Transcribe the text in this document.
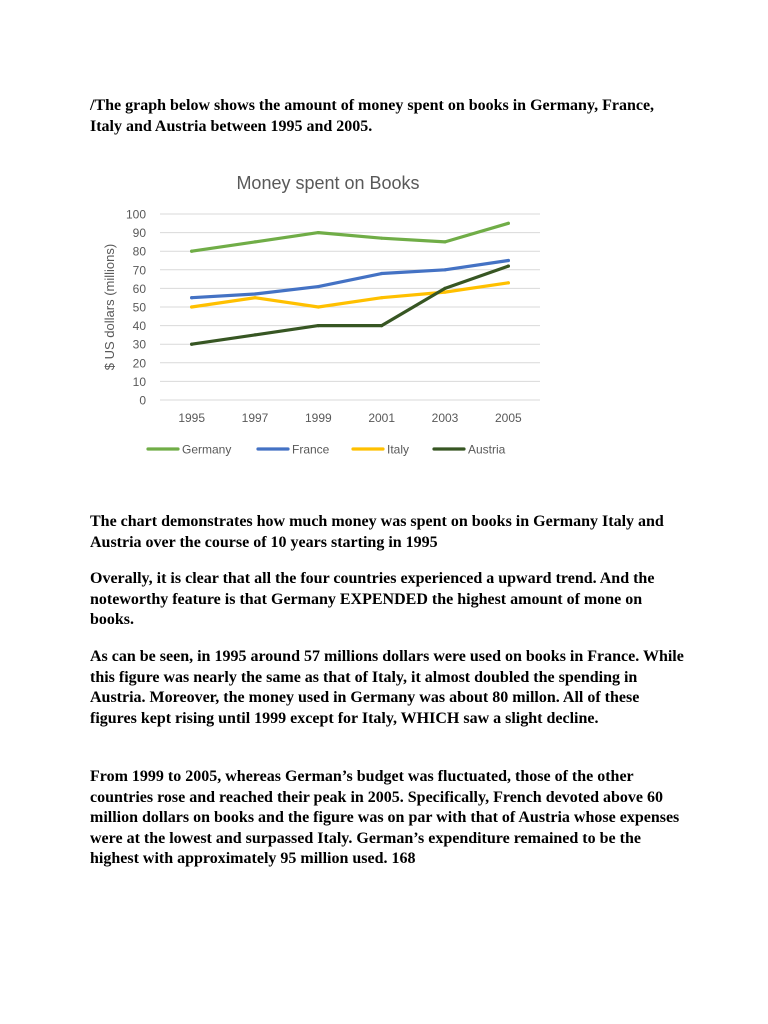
/The graph below shows the amount of money spent on books in Germany, France, Italy and Austria between 1995 and 2005.

Money spent on Books
0
10
20
30
40
50
60
70
80
90
100
1995	1997	1999	2001	2003	2005
Germany	France	Italy	Austria
$ US dollars (millions)

The chart demonstrates how much money was spent on books in Germany Italy and Austria over the course of 10 years starting in 1995

Overally, it is clear that all the four countries experienced a upward trend. And the noteworthy feature is that Germany EXPENDED the highest amount of mone on books.

As can be seen, in 1995 around 57 millions dollars were used on books in France. While this figure was nearly the same as that of Italy, it almost doubled the spending in Austria. Moreover, the money used in Germany was about 80 millon. All of these figures kept rising until 1999 except for Italy, WHICH saw a slight decline.

From 1999 to 2005, whereas German’s budget was fluctuated, those of the other countries rose and reached their peak in 2005. Specifically, French devoted above 60 million dollars on books and the figure was on par with that of Austria whose expenses were at the lowest and surpassed Italy. German’s expenditure remained to be the highest with approximately 95 million used. 168
